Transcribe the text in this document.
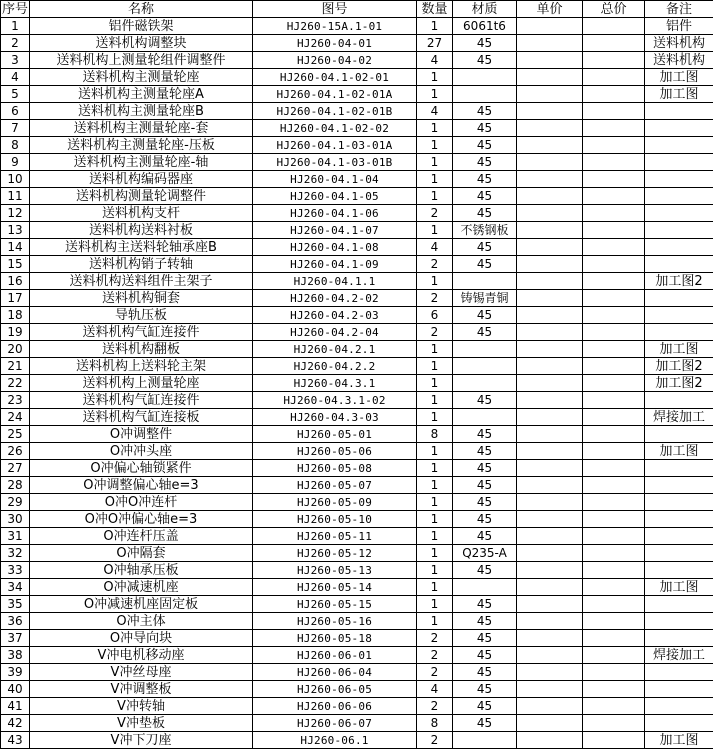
序号	名称	图号	数量	材质	单价	总价	备注
1	铝件磁铁架	HJ260-15A.1-01	1	6061t6			铝件
2	送料机构调整块	HJ260-04-01	27	45			送料机构
3	送料机构上测量轮组件调整件	HJ260-04-02	4	45			送料机构
4	送料机构主测量轮座	HJ260-04.1-02-01	1				加工图
5	送料机构主测量轮座A	HJ260-04.1-02-01A	1				加工图
6	送料机构主测量轮座B	HJ260-04.1-02-01B	4	45			
7	送料机构主测量轮座-套	HJ260-04.1-02-02	1	45			
8	送料机构主测量轮座-压板	HJ260-04.1-03-01A	1	45			
9	送料机构主测量轮座-轴	HJ260-04.1-03-01B	1	45			
10	送料机构编码器座	HJ260-04.1-04	1	45			
11	送料机构测量轮调整件	HJ260-04.1-05	1	45			
12	送料机构支杆	HJ260-04.1-06	2	45			
13	送料机构送料衬板	HJ260-04.1-07	1	不锈钢板			
14	送料机构主送料轮轴承座B	HJ260-04.1-08	4	45			
15	送料机构销子转轴	HJ260-04.1-09	2	45			
16	送料机构送料组件主架子	HJ260-04.1.1	1				加工图2
17	送料机构铜套	HJ260-04.2-02	2	铸锡青铜			
18	导轨压板	HJ260-04.2-03	6	45			
19	送料机构气缸连接件	HJ260-04.2-04	2	45			
20	送料机构翻板	HJ260-04.2.1	1				加工图
21	送料机构上送料轮主架	HJ260-04.2.2	1				加工图2
22	送料机构上测量轮座	HJ260-04.3.1	1				加工图2
23	送料机构气缸连接件	HJ260-04.3.1-02	1	45			
24	送料机构气缸连接板	HJ260-04.3-03	1				焊接加工
25	O冲调整件	HJ260-05-01	8	45			
26	O冲冲头座	HJ260-05-06	1	45			加工图
27	O冲偏心轴锁紧件	HJ260-05-08	1	45			
28	O冲调整偏心轴e=3	HJ260-05-07	1	45			
29	O冲O冲连杆	HJ260-05-09	1	45			
30	O冲O冲偏心轴e=3	HJ260-05-10	1	45			
31	O冲连杆压盖	HJ260-05-11	1	45			
32	O冲隔套	HJ260-05-12	1	Q235-A			
33	O冲轴承压板	HJ260-05-13	1	45			
34	O冲减速机座	HJ260-05-14	1				加工图
35	O冲减速机座固定板	HJ260-05-15	1	45			
36	O冲主体	HJ260-05-16	1	45			
37	O冲导向块	HJ260-05-18	2	45			
38	V冲电机移动座	HJ260-06-01	2	45			焊接加工
39	V冲丝母座	HJ260-06-04	2	45			
40	V冲调整板	HJ260-06-05	4	45			
41	V冲转轴	HJ260-06-06	2	45			
42	V冲垫板	HJ260-06-07	8	45			
43	V冲下刀座	HJ260-06.1	2				加工图
